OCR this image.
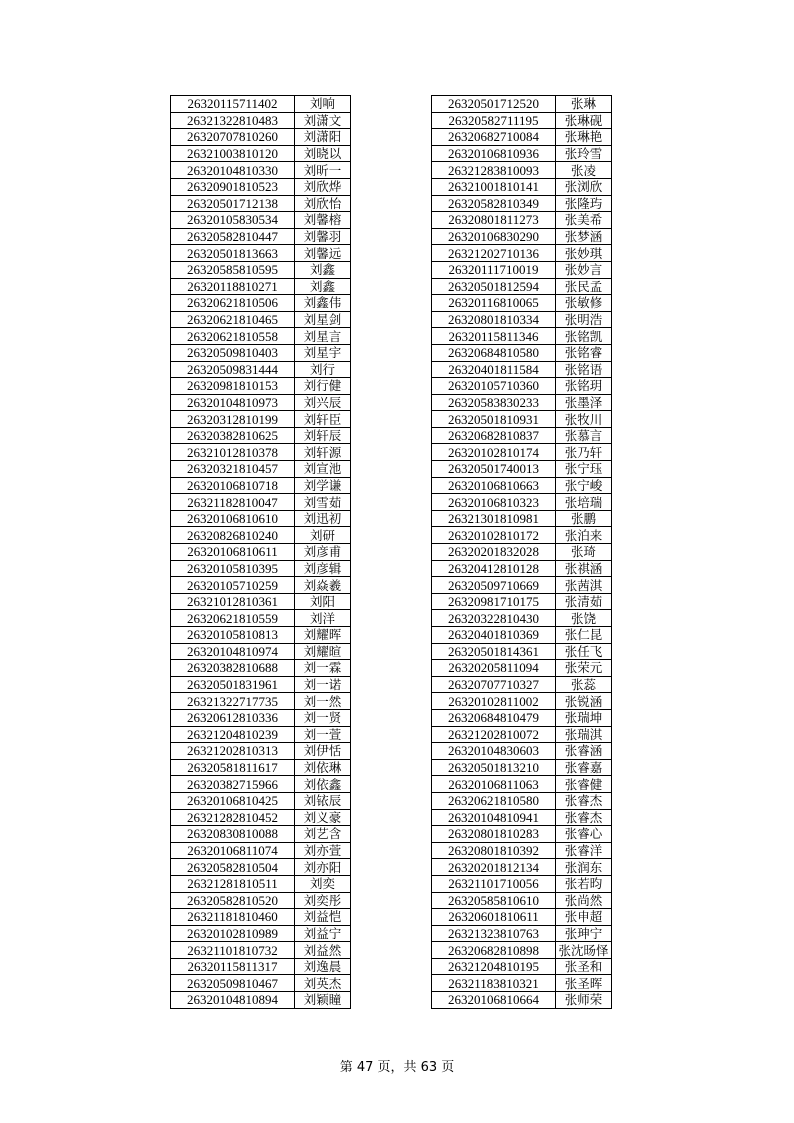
26320115711402	刘响
26321322810483	刘潇文
26320707810260	刘潇阳
26321003810120	刘晓以
26320104810330	刘昕一
26320901810523	刘欣烨
26320501712138	刘欣怡
26320105830534	刘馨榕
26320582810447	刘馨羽
26320501813663	刘馨远
26320585810595	刘鑫
26320118810271	刘鑫
26320621810506	刘鑫伟
26320621810465	刘星剑
26320621810558	刘星言
26320509810403	刘星宇
26320509831444	刘行
26320981810153	刘行健
26320104810973	刘兴辰
26320312810199	刘轩臣
26320382810625	刘轩辰
26321012810378	刘轩源
26320321810457	刘宣池
26320106810718	刘学谦
26321182810047	刘雪茹
26320106810610	刘迅初
26320826810240	刘研
26320106810611	刘彦甫
26320105810395	刘彦辑
26320105710259	刘焱羲
26321012810361	刘阳
26320621810559	刘洋
26320105810813	刘耀晖
26320104810974	刘耀暄
26320382810688	刘一霖
26320501831961	刘一诺
26321322717735	刘一然
26320612810336	刘一贤
26321204810239	刘一萱
26321202810313	刘伊恬
26320581811617	刘依琳
26320382715966	刘依鑫
26320106810425	刘铱辰
26321282810452	刘义豪
26320830810088	刘艺含
26320106811074	刘亦萱
26320582810504	刘亦阳
26321281810511	刘奕
26320582810520	刘奕彤
26321181810460	刘益恺
26320102810989	刘益宁
26321101810732	刘益然
26320115811317	刘逸晨
26320509810467	刘英杰
26320104810894	刘颖瞳
26320501712520	张琳
26320582711195	张琳砚
26320682710084	张琳艳
26320106810936	张玲雪
26321283810093	张凌
26321001810141	张浏欣
26320582810349	张隆玙
26320801811273	张美希
26320106830290	张梦涵
26321202710136	张妙琪
26320111710019	张妙言
26320501812594	张民孟
26320116810065	张敏修
26320801810334	张明浩
26320115811346	张铭凯
26320684810580	张铭睿
26320401811584	张铭语
26320105710360	张铭玥
26320583830233	张墨泽
26320501810931	张牧川
26320682810837	张慕言
26320102810174	张乃轩
26320501740013	张宁珏
26320106810663	张宁峻
26320106810323	张培瑞
26321301810981	张鹏
26320102810172	张泊来
26320201832028	张琦
26320412810128	张祺涵
26320509710669	张茜淇
26320981710175	张清茹
26320322810430	张饶
26320401810369	张仁昆
26320501814361	张任飞
26320205811094	张荣元
26320707710327	张蕊
26320102811002	张锐涵
26320684810479	张瑞坤
26321202810072	张瑞淇
26320104830603	张睿涵
26320501813210	张睿嘉
26320106811063	张睿健
26320621810580	张睿杰
26320104810941	张睿杰
26320801810283	张睿心
26320801810392	张睿洋
26320201812134	张润东
26321101710056	张若昀
26320585810610	张尚然
26320601810611	张申超
26321323810763	张珅宁
26320682810898	张沈旸怿
26321204810195	张圣和
26321183810321	张圣晖
26320106810664	张师荣
第 47 页，共 63 页
